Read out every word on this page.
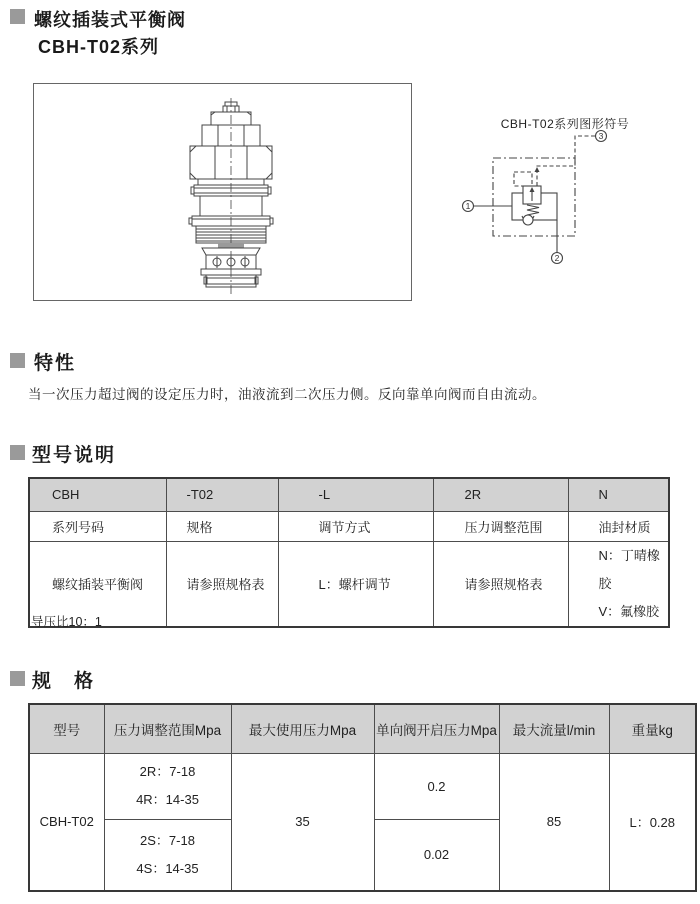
螺纹插装式平衡阀
CBH-T02系列
CBH-T02系列图形符号
1
2
3
特性
当一次压力超过阀的设定压力时，油液流到二次压力侧。反向靠单向阀而自由流动。
型号说明
CBH	-T02	-L	2R	N
系列号码	规格	调节方式	压力调整范围	油封材质
螺纹插装平衡阀	请参照规格表	L：螺杆调节	请参照规格表	N：丁晴橡胶
V：氟橡胶
导压比10：1
规　格
型号	压力调整范围Mpa	最大使用压力Mpa	单向阀开启压力Mpa	最大流量l/min	重量kg
CBH-T02	2R：7-18
4R：14-35	35	0.2	85	L：0.28

	2S：7-18
4S：14-35		0.02		
